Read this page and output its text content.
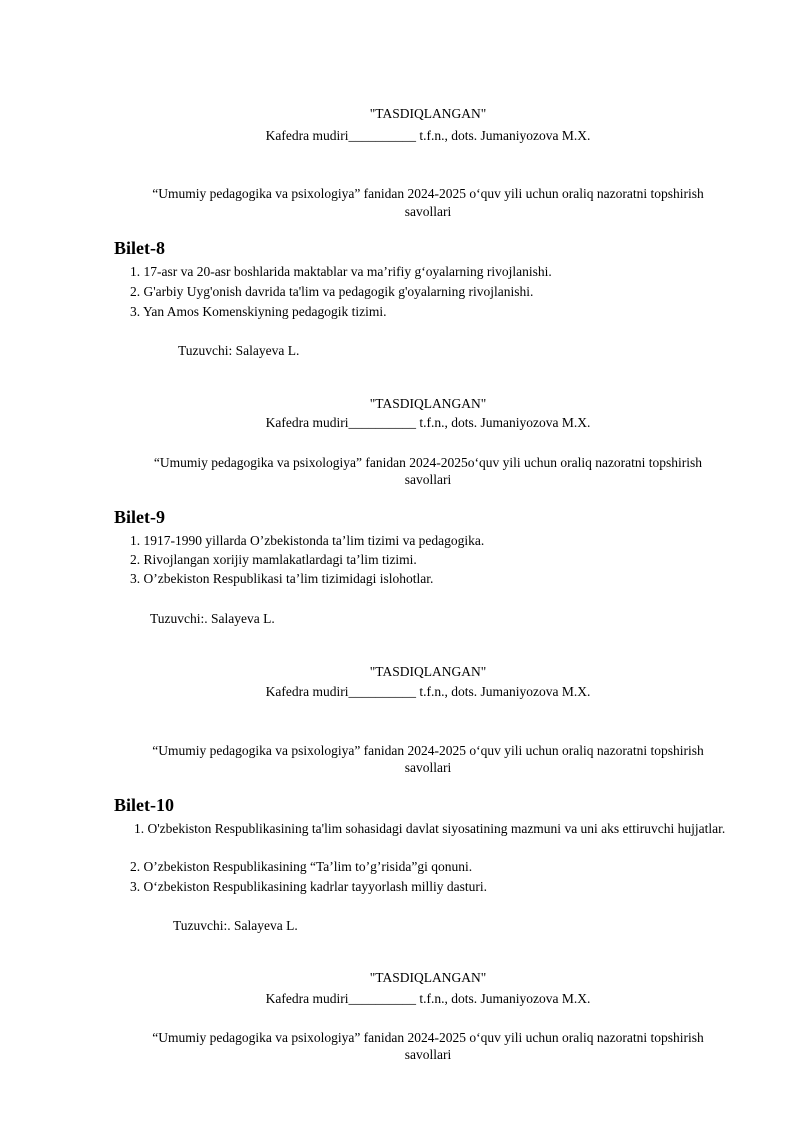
"TASDIQLANGAN"
Kafedra mudiri__________ t.f.n., dots. Jumaniyozova M.X.
“Umumiy pedagogika va psixologiya” fanidan 2024-2025 o‘quv yili uchun oraliq nazoratni topshirish
savollari
Bilet-8
1. 17-asr va 20-asr boshlarida maktablar va ma’rifiy g‘oyalarning rivojlanishi.
2. G'arbiy Uyg'onish davrida ta'lim va pedagogik g'oyalarning rivojlanishi.
3. Yan Amos Komenskiyning pedagogik tizimi.
Tuzuvchi: Salayeva L.
"TASDIQLANGAN"
Kafedra mudiri__________ t.f.n., dots. Jumaniyozova M.X.
“Umumiy pedagogika va psixologiya” fanidan 2024-2025o‘quv yili uchun oraliq nazoratni topshirish
savollari
Bilet-9
1. 1917-1990 yillarda O’zbekistonda ta’lim tizimi va pedagogika.
2. Rivojlangan xorijiy mamlakatlardagi ta’lim tizimi.
3. O’zbekiston Respublikasi ta’lim tizimidagi islohotlar.
Tuzuvchi:. Salayeva L.
"TASDIQLANGAN"
Kafedra mudiri__________ t.f.n., dots. Jumaniyozova M.X.
“Umumiy pedagogika va psixologiya” fanidan 2024-2025 o‘quv yili uchun oraliq nazoratni topshirish
savollari
Bilet-10
1. O'zbekiston Respublikasining ta'lim sohasidagi davlat siyosatining mazmuni va uni aks ettiruvchi hujjatlar.
2. O’zbekiston Respublikasining “Ta’lim to’g’risida”gi qonuni.
3. O‘zbekiston Respublikasining kadrlar tayyorlash milliy dasturi.
Tuzuvchi:. Salayeva L.
"TASDIQLANGAN"
Kafedra mudiri__________ t.f.n., dots. Jumaniyozova M.X.
“Umumiy pedagogika va psixologiya” fanidan 2024-2025 o‘quv yili uchun oraliq nazoratni topshirish
savollari
